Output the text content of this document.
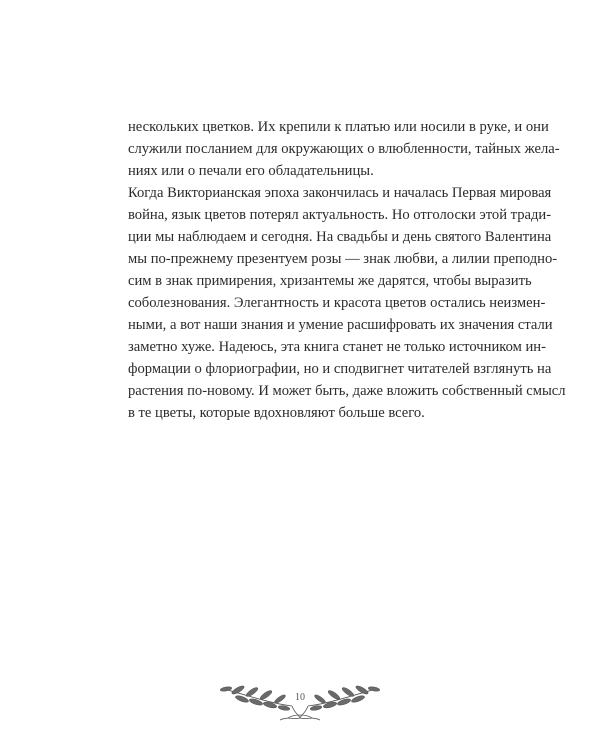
нескольких цветков. Их крепили к платью или носили в руке, и они
служили посланием для окружающих о влюбленности, тайных жела-
ниях или о печали его обладательницы.
Когда Викторианская эпоха закончилась и началась Первая мировая
война, язык цветов потерял актуальность. Но отголоски этой тради-
ции мы наблюдаем и сегодня. На свадьбы и день святого Валентина
мы по-прежнему презентуем розы — знак любви, а лилии преподно-
сим в знак примирения, хризантемы же дарятся, чтобы выразить
соболезнования. Элегантность и красота цветов остались неизмен-
ными, а вот наши знания и умение расшифровать их значения стали
заметно хуже. Надеюсь, эта книга станет не только источником ин-
формации о флориографии, но и сподвигнет читателей взглянуть на
растения по-новому. И может быть, даже вложить собственный смысл
в те цветы, которые вдохновляют больше всего.
10
